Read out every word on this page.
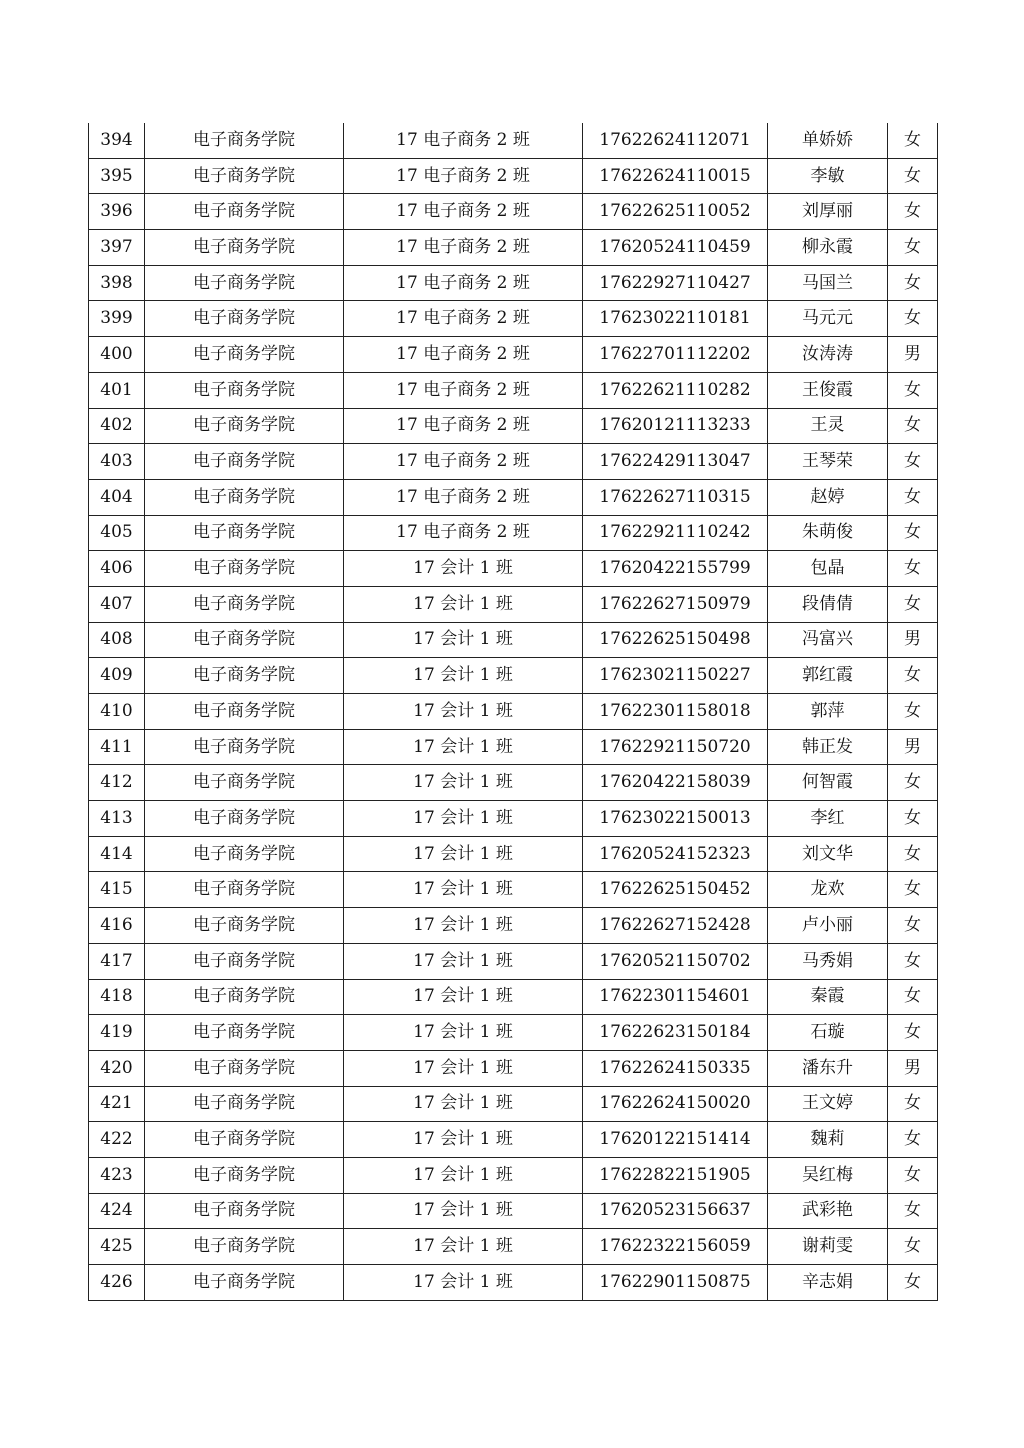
394	电子商务学院	17 电子商务 2 班	17622624112071	单娇娇	女
395	电子商务学院	17 电子商务 2 班	17622624110015	李敏	女
396	电子商务学院	17 电子商务 2 班	17622625110052	刘厚丽	女
397	电子商务学院	17 电子商务 2 班	17620524110459	柳永霞	女
398	电子商务学院	17 电子商务 2 班	17622927110427	马国兰	女
399	电子商务学院	17 电子商务 2 班	17623022110181	马元元	女
400	电子商务学院	17 电子商务 2 班	17622701112202	汝涛涛	男
401	电子商务学院	17 电子商务 2 班	17622621110282	王俊霞	女
402	电子商务学院	17 电子商务 2 班	17620121113233	王灵	女
403	电子商务学院	17 电子商务 2 班	17622429113047	王琴荣	女
404	电子商务学院	17 电子商务 2 班	17622627110315	赵婷	女
405	电子商务学院	17 电子商务 2 班	17622921110242	朱萌俊	女
406	电子商务学院	17 会计 1 班	17620422155799	包晶	女
407	电子商务学院	17 会计 1 班	17622627150979	段倩倩	女
408	电子商务学院	17 会计 1 班	17622625150498	冯富兴	男
409	电子商务学院	17 会计 1 班	17623021150227	郭红霞	女
410	电子商务学院	17 会计 1 班	17622301158018	郭萍	女
411	电子商务学院	17 会计 1 班	17622921150720	韩正发	男
412	电子商务学院	17 会计 1 班	17620422158039	何智霞	女
413	电子商务学院	17 会计 1 班	17623022150013	李红	女
414	电子商务学院	17 会计 1 班	17620524152323	刘文华	女
415	电子商务学院	17 会计 1 班	17622625150452	龙欢	女
416	电子商务学院	17 会计 1 班	17622627152428	卢小丽	女
417	电子商务学院	17 会计 1 班	17620521150702	马秀娟	女
418	电子商务学院	17 会计 1 班	17622301154601	秦霞	女
419	电子商务学院	17 会计 1 班	17622623150184	石璇	女
420	电子商务学院	17 会计 1 班	17622624150335	潘东升	男
421	电子商务学院	17 会计 1 班	17622624150020	王文婷	女
422	电子商务学院	17 会计 1 班	17620122151414	魏莉	女
423	电子商务学院	17 会计 1 班	17622822151905	吴红梅	女
424	电子商务学院	17 会计 1 班	17620523156637	武彩艳	女
425	电子商务学院	17 会计 1 班	17622322156059	谢莉雯	女
426	电子商务学院	17 会计 1 班	17622901150875	辛志娟	女
